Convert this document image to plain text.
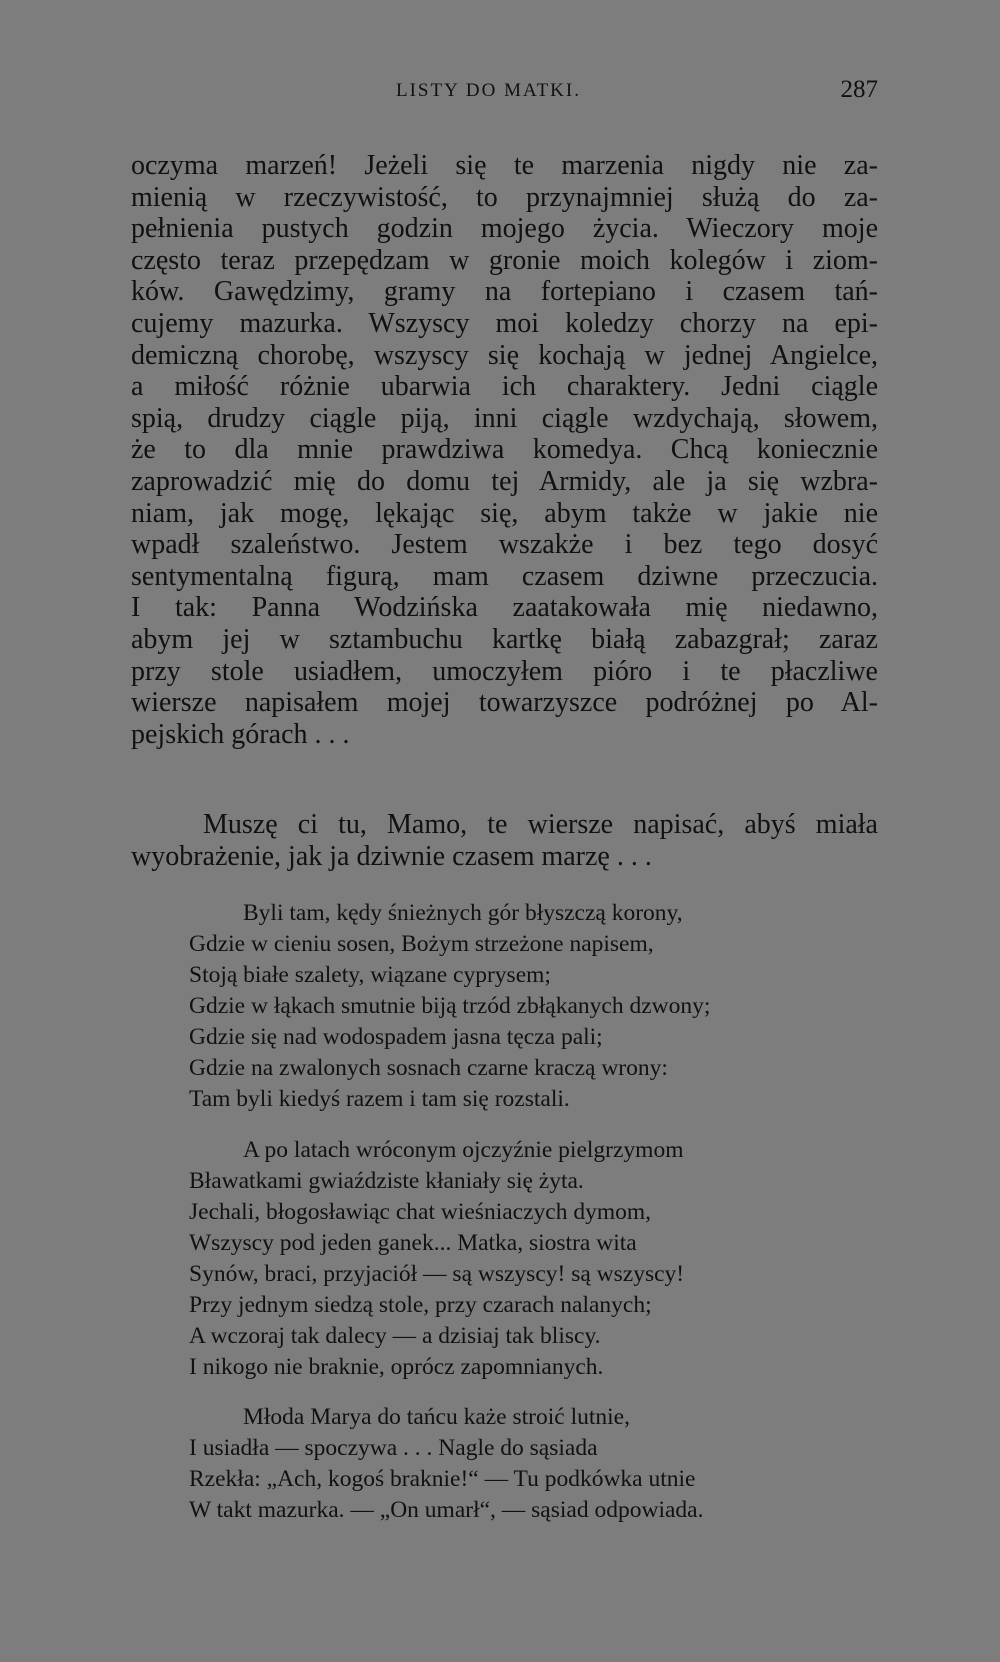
LISTY DO MATKI.	287
oczyma marzeń! Jeżeli się te marzenia nigdy nie za-
mienią w rzeczywistość, to przynajmniej służą do za-
pełnienia pustych godzin mojego życia. Wieczory moje
często teraz przepędzam w gronie moich kolegów i ziom-
ków. Gawędzimy, gramy na fortepiano i czasem tań-
cujemy mazurka. Wszyscy moi koledzy chorzy na epi-
demiczną chorobę, wszyscy się kochają w jednej Angielce,
a miłość różnie ubarwia ich charaktery. Jedni ciągle
spią, drudzy ciągle piją, inni ciągle wzdychają, słowem,
że to dla mnie prawdziwa komedya. Chcą koniecznie
zaprowadzić mię do domu tej Armidy, ale ja się wzbra-
niam, jak mogę, lękając się, abym także w jakie nie
wpadł szaleństwo. Jestem wszakże i bez tego dosyć
sentymentalną figurą, mam czasem dziwne przeczucia.
I tak: Panna Wodzińska zaatakowała mię niedawno,
abym jej w sztambuchu kartkę białą zabazgrał; zaraz
przy stole usiadłem, umoczyłem pióro i te płaczliwe
wiersze napisałem mojej towarzyszce podróżnej po Al-
pejskich górach . . .
Muszę ci tu, Mamo, te wiersze napisać, abyś miała
wyobrażenie, jak ja dziwnie czasem marzę . . .
Byli tam, kędy śnieżnych gór błyszczą korony,
Gdzie w cieniu sosen, Bożym strzeżone napisem,
Stoją białe szalety, wiązane cyprysem;
Gdzie w łąkach smutnie biją trzód zbłąkanych dzwony;
Gdzie się nad wodospadem jasna tęcza pali;
Gdzie na zwalonych sosnach czarne kraczą wrony:
Tam byli kiedyś razem i tam się rozstali.
A po latach wróconym ojczyźnie pielgrzymom
Bławatkami gwiaździste kłaniały się żyta.
Jechali, błogosławiąc chat wieśniaczych dymom,
Wszyscy pod jeden ganek... Matka, siostra wita
Synów, braci, przyjaciół — są wszyscy! są wszyscy!
Przy jednym siedzą stole, przy czarach nalanych;
A wczoraj tak dalecy — a dzisiaj tak bliscy.
I nikogo nie braknie, oprócz zapomnianych.
Młoda Marya do tańcu każe stroić lutnie,
I usiadła — spoczywa . . . Nagle do sąsiada
Rzekła: „Ach, kogoś braknie!“ — Tu podkówka utnie
W takt mazurka. — „On umarł“, — sąsiad odpowiada.
